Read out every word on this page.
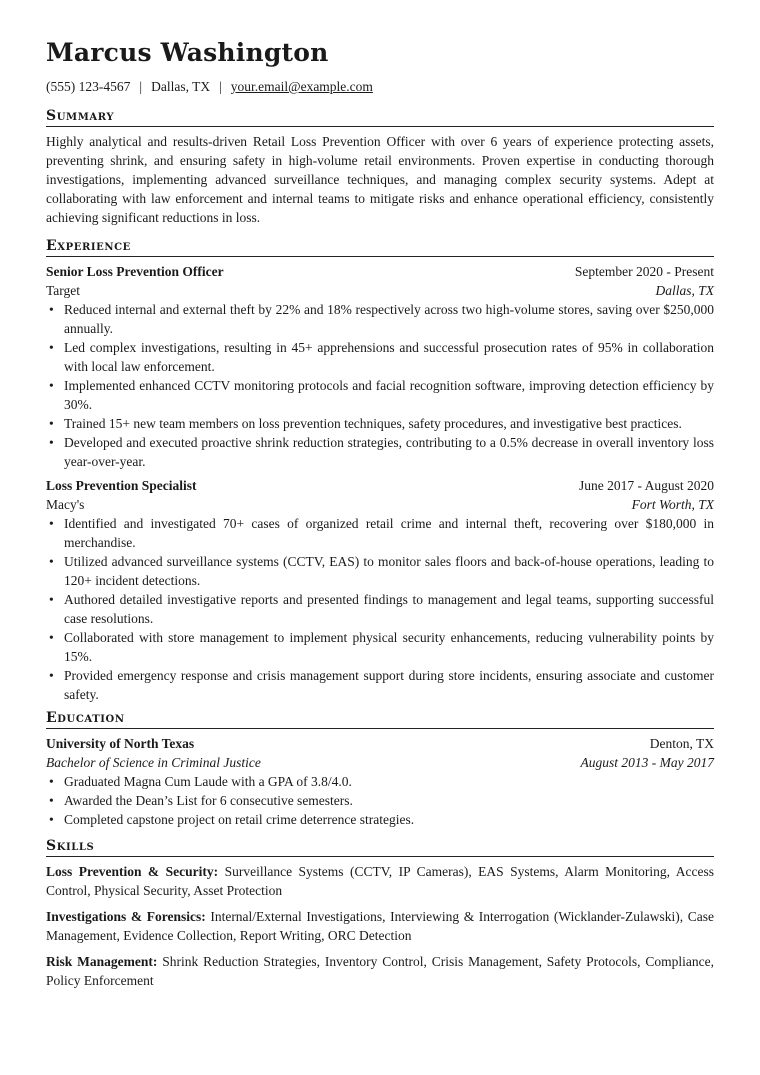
Marcus Washington
(555) 123-4567 | Dallas, TX | your.email@example.com
Summary
Highly analytical and results-driven Retail Loss Prevention Officer with over 6 years of experience protecting assets, preventing shrink, and ensuring safety in high-volume retail environments. Proven expertise in conducting thorough investigations, implementing advanced surveillance techniques, and managing complex security systems. Adept at collaborating with law enforcement and internal teams to mitigate risks and enhance operational efficiency, consistently achieving significant reductions in loss.
Experience
Senior Loss Prevention Officer	September 2020 - Present
Target	Dallas, TX
• Reduced internal and external theft by 22% and 18% respectively across two high-volume stores, saving over $250,000 annually.
• Led complex investigations, resulting in 45+ apprehensions and successful prosecution rates of 95% in collaboration with local law enforcement.
• Implemented enhanced CCTV monitoring protocols and facial recognition software, improving detection efficiency by 30%.
• Trained 15+ new team members on loss prevention techniques, safety procedures, and investigative best practices.
• Developed and executed proactive shrink reduction strategies, contributing to a 0.5% decrease in overall inventory loss year-over-year.
Loss Prevention Specialist	June 2017 - August 2020
Macy's	Fort Worth, TX
• Identified and investigated 70+ cases of organized retail crime and internal theft, recovering over $180,000 in merchandise.
• Utilized advanced surveillance systems (CCTV, EAS) to monitor sales floors and back-of-house operations, leading to 120+ incident detections.
• Authored detailed investigative reports and presented findings to management and legal teams, supporting successful case resolutions.
• Collaborated with store management to implement physical security enhancements, reducing vulnerability points by 15%.
• Provided emergency response and crisis management support during store incidents, ensuring associate and customer safety.
Education
University of North Texas	Denton, TX
Bachelor of Science in Criminal Justice	August 2013 - May 2017
• Graduated Magna Cum Laude with a GPA of 3.8/4.0.
• Awarded the Dean’s List for 6 consecutive semesters.
• Completed capstone project on retail crime deterrence strategies.
Skills
Loss Prevention & Security: Surveillance Systems (CCTV, IP Cameras), EAS Systems, Alarm Monitoring, Access Control, Physical Security, Asset Protection
Investigations & Forensics: Internal/External Investigations, Interviewing & Interrogation (Wicklander-Zulawski), Case Management, Evidence Collection, Report Writing, ORC Detection
Risk Management: Shrink Reduction Strategies, Inventory Control, Crisis Management, Safety Protocols, Compliance, Policy Enforcement
